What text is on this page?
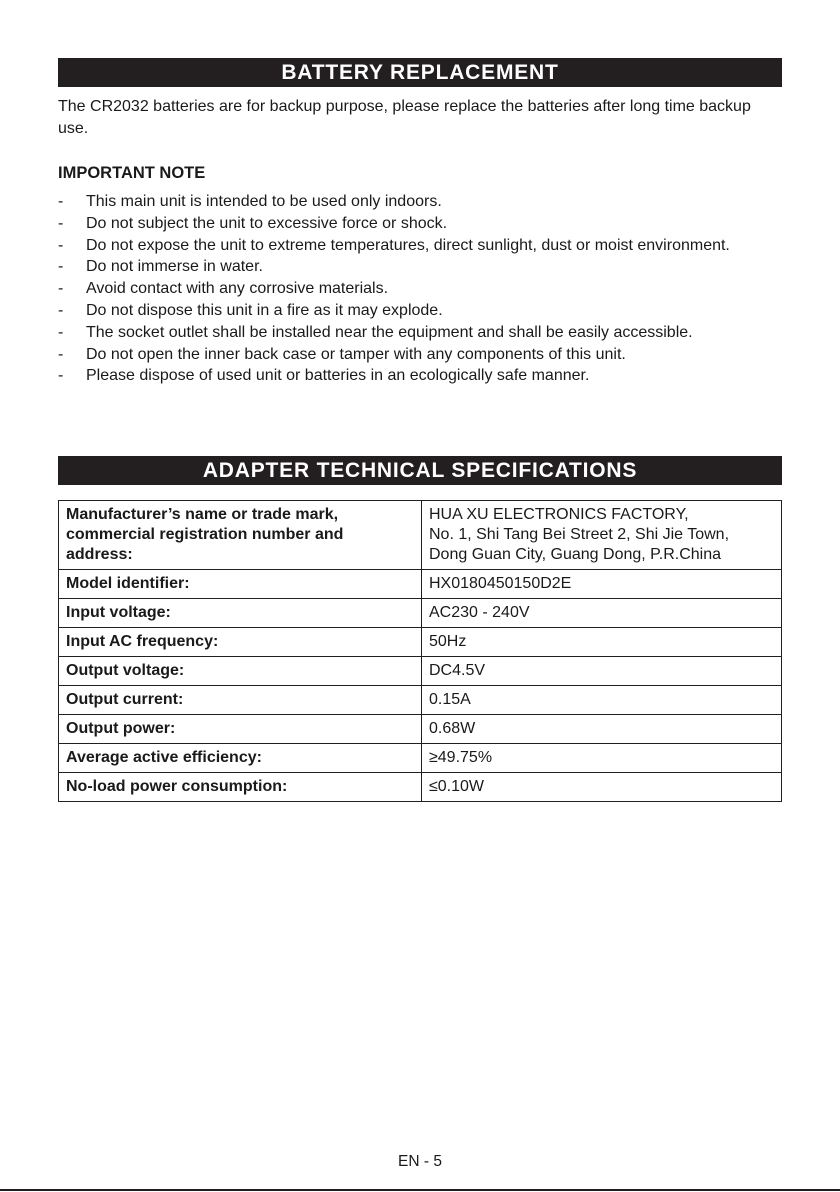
BATTERY REPLACEMENT

The CR2032 batteries are for backup purpose, please replace the batteries after long time backup use.

IMPORTANT NOTE
- This main unit is intended to be used only indoors.
- Do not subject the unit to excessive force or shock.
- Do not expose the unit to extreme temperatures, direct sunlight, dust or moist environment.
- Do not immerse in water.
- Avoid contact with any corrosive materials.
- Do not dispose this unit in a fire as it may explode.
- The socket outlet shall be installed near the equipment and shall be easily accessible.
- Do not open the inner back case or tamper with any components of this unit.
- Please dispose of used unit or batteries in an ecologically safe manner.
ADAPTER TECHNICAL SPECIFICATIONS
Manufacturer’s name or trade mark,
commercial registration number and
address:	HUA XU ELECTRONICS FACTORY,
No. 1, Shi Tang Bei Street 2, Shi Jie Town,
Dong Guan City, Guang Dong, P.R.China
Model identifier:	HX0180450150D2E
Input voltage:	AC230 - 240V
Input AC frequency:	50Hz
Output voltage:	DC4.5V
Output current:	0.15A
Output power:	0.68W
Average active efficiency:	≥49.75%
No-load power consumption:	≤0.10W
EN - 5
